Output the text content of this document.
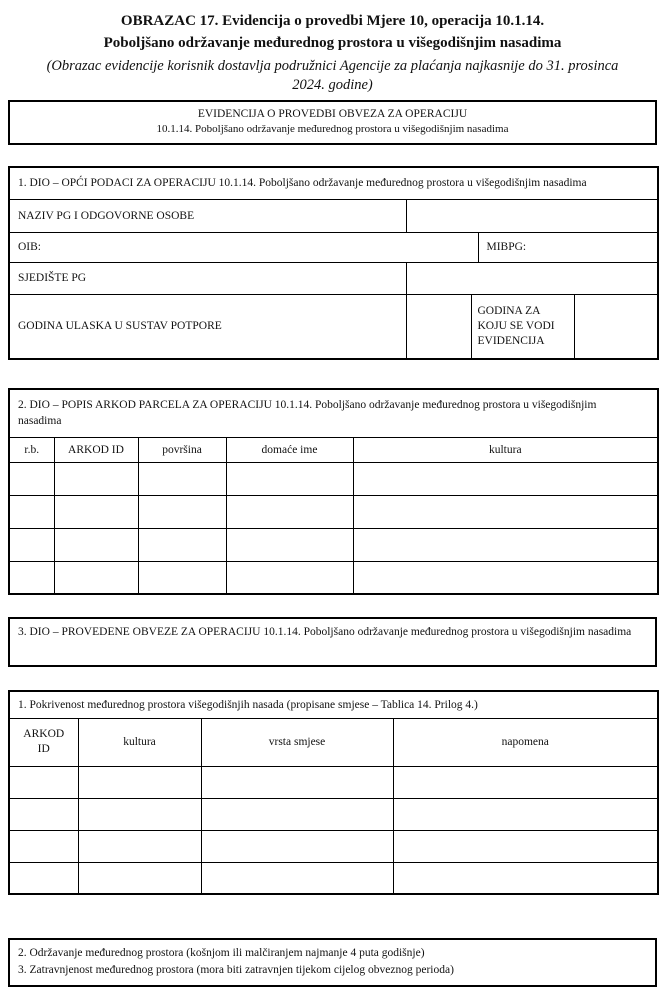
OBRAZAC 17. Evidencija o provedbi Mjere 10, operacija 10.1.14.
Poboljšano održavanje međurednog prostora u višegodišnjim nasadima
(Obrazac evidencije korisnik dostavlja podružnici Agencije za plaćanja najkasnije do 31. prosinca
2024. godine)
EVIDENCIJA O PROVEDBI OBVEZA ZA OPERACIJU
10.1.14. Poboljšano održavanje međurednog prostora u višegodišnjim nasadima
1. DIO – OPĆI PODACI ZA OPERACIJU 10.1.14. Poboljšano održavanje međurednog prostora u višegodišnjim nasadima				
NAZIV PG I ODGOVORNE OSOBE				
OIB:			MIBPG:	
SJEDIŠTE PG				
GODINA ULASKA U SUSTAV POTPORE		GODINA ZA KOJU SE VODI EVIDENCIJA		
2. DIO – POPIS ARKOD PARCELA ZA OPERACIJU 10.1.14. Poboljšano održavanje međurednog prostora u višegodišnjim nasadima				

r.b.	ARKOD ID	površina	domaće ime	kultura

3. DIO – PROVEDENE OBVEZE ZA OPERACIJU 10.1.14. Poboljšano održavanje međurednog prostora u višegodišnjim nasadima
1. Pokrivenost međurednog prostora višegodišnjih nasada (propisane smjese – Tablica 14. Prilog 4.)			
ARKOD ID	kultura	vrsta smjese	napomena

2. Održavanje međurednog prostora (košnjom ili malčiranjem najmanje 4 puta godišnje)
3. Zatravnjenost međurednog prostora (mora biti zatravnjen tijekom cijelog obveznog perioda)
